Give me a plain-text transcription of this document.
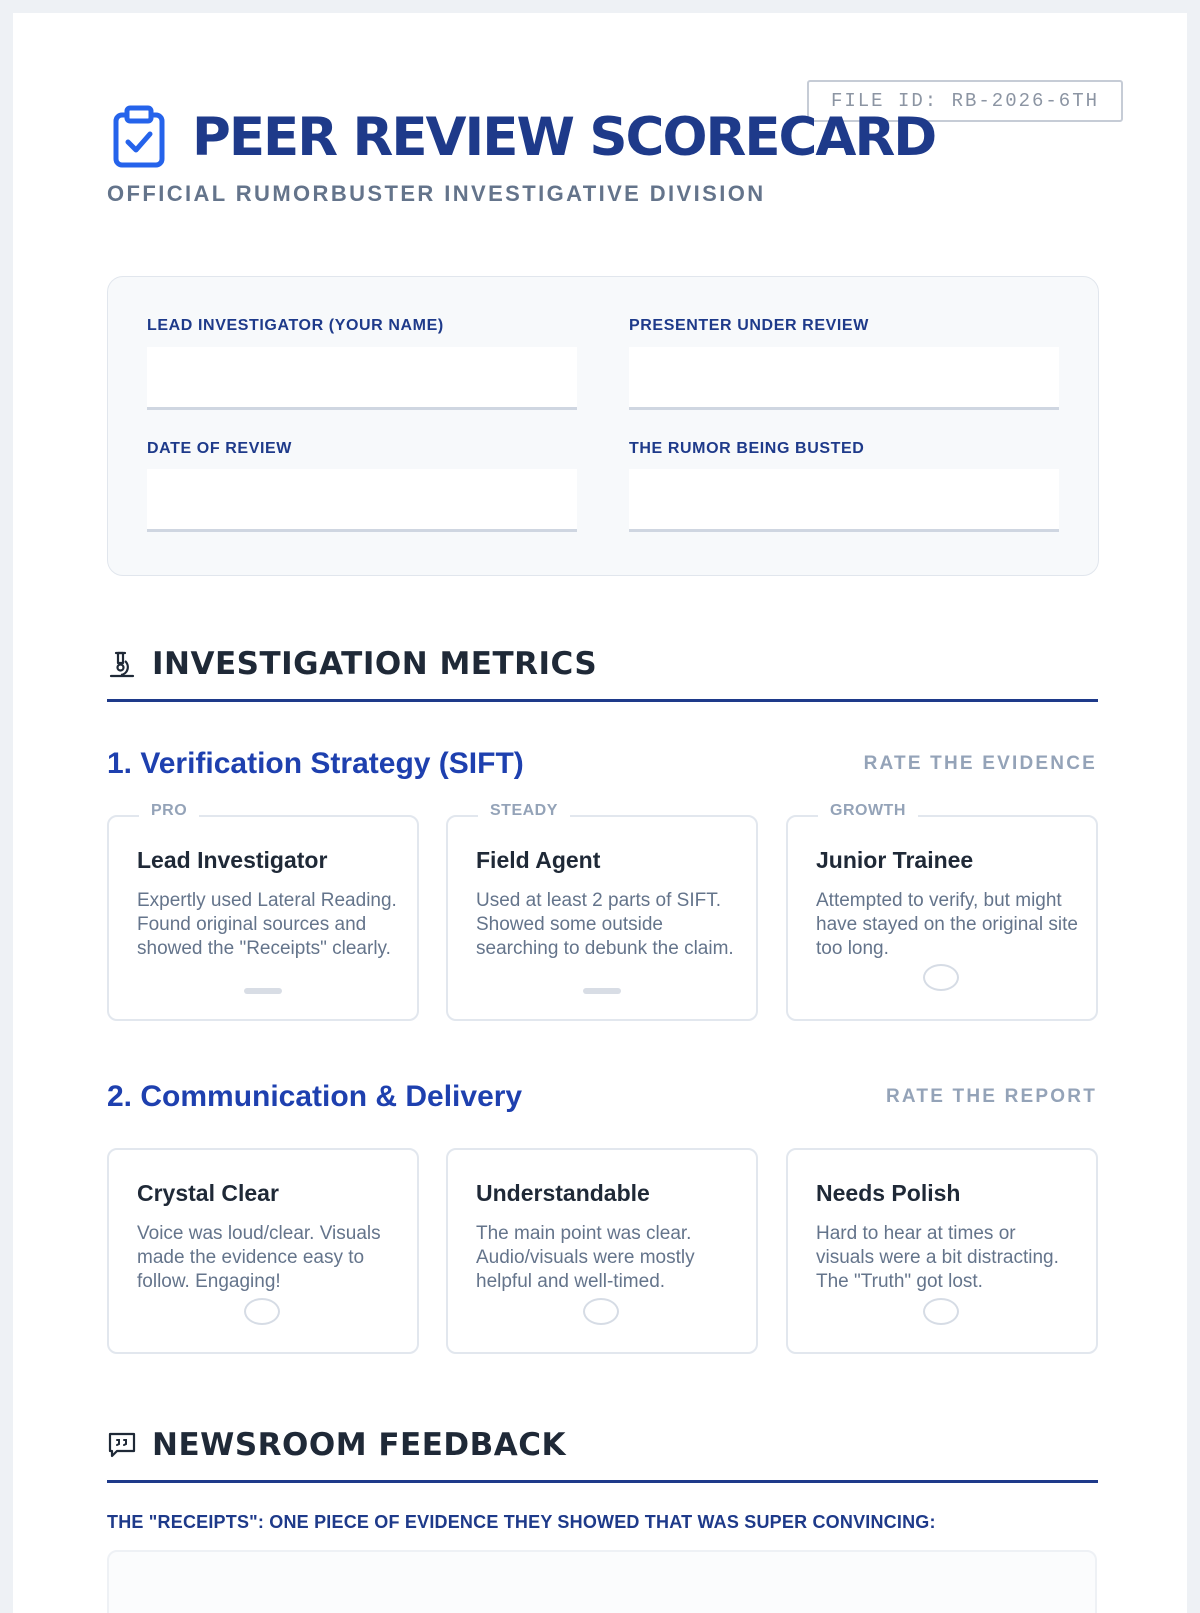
FILE ID: RB-2026-6TH
PEER REVIEW SCORECARD
OFFICIAL RUMORBUSTER INVESTIGATIVE DIVISION
LEAD INVESTIGATOR (YOUR NAME)	PRESENTER UNDER REVIEW
DATE OF REVIEW	THE RUMOR BEING BUSTED
INVESTIGATION METRICS
1. Verification Strategy (SIFT)	RATE THE EVIDENCE
PRO
Lead Investigator
Expertly used Lateral Reading. Found original sources and showed the "Receipts" clearly.
STEADY
Field Agent
Used at least 2 parts of SIFT. Showed some outside searching to debunk the claim.
GROWTH
Junior Trainee
Attempted to verify, but might have stayed on the original site too long.
2. Communication & Delivery	RATE THE REPORT
Crystal Clear
Voice was loud/clear. Visuals made the evidence easy to follow. Engaging!
Understandable
The main point was clear. Audio/visuals were mostly helpful and well-timed.
Needs Polish
Hard to hear at times or visuals were a bit distracting. The "Truth" got lost.
NEWSROOM FEEDBACK
THE "RECEIPTS": ONE PIECE OF EVIDENCE THEY SHOWED THAT WAS SUPER CONVINCING:
